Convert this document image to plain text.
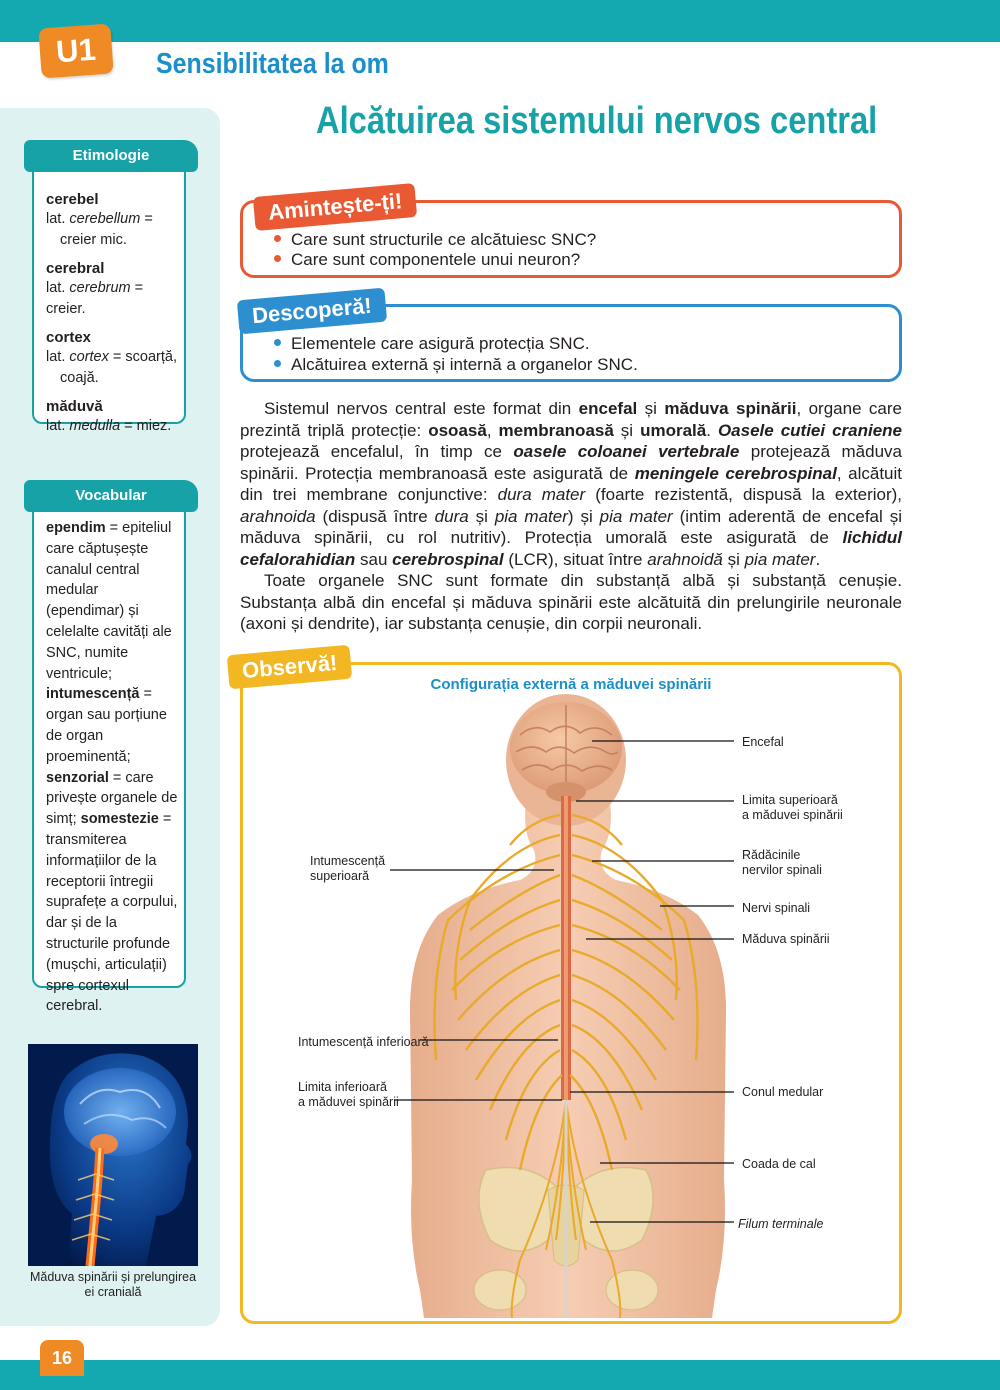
U1	Sensibilitatea la om
Alcătuirea sistemului nervos central
cerebel
lat. cerebellum =
creier mic.
cerebral
lat. cerebrum = creier.
cortex
lat. cortex = scoarță,
coajă.
măduvă
lat. medulla = miez.
Etimologie
ependim = epiteliul care căptușește canalul central medular (ependimar) și celelalte cavități ale SNC, numite ventricule; intumescență = organ sau porțiune de organ proeminentă; senzorial = care privește organele de simț; somestezie = transmiterea informațiilor de la receptorii întregii suprafețe a corpului, dar și de la structurile profunde (mușchi, articulații) spre cortexul cerebral.
Vocabular
Măduva spinării și prelungirea ei cranială
Amintește-ți!
Care sunt structurile ce alcătuiesc SNC?
Care sunt componentele unui neuron?
Descoperă!
Elementele care asigură protecția SNC.
Alcătuirea externă și internă a organelor SNC.

Sistemul nervos central este format din encefal și măduva spinării, organe care prezintă triplă protecție: osoasă, membranoasă și umorală. Oasele cutiei craniene protejează encefalul, în timp ce oasele coloanei vertebrale protejează măduva spinării. Protecția membranoasă este asigurată de meningele cerebrospinal, alcătuit din trei membrane conjunctive: dura mater (foarte rezistentă, dispusă la exterior), arahnoida (dispusă între dura și pia mater) și pia mater (intim aderentă de encefal și măduva spinării, cu rol nutritiv). Protecția umorală este asigurată de lichidul cefalorahidian sau cerebrospinal (LCR), situat între arahnoidă și pia mater.

Toate organele SNC sunt formate din substanță albă și substanță cenușie. Substanța albă din encefal și măduva spinării este alcătuită din prelungirile neuronale (axoni și dendrite), iar substanța cenușie, din corpii neuronali.

Observă!
Configurația externă a măduvei spinării
Encefal
Limita superioară
a măduvei spinării
Rădăcinile
nervilor spinali
Nervi spinali
Măduva spinării
Intumescență
superioară
Intumescență inferioară
Limita inferioară
a măduvei spinării
Conul medular
Coada de cal
Filum terminale
16
